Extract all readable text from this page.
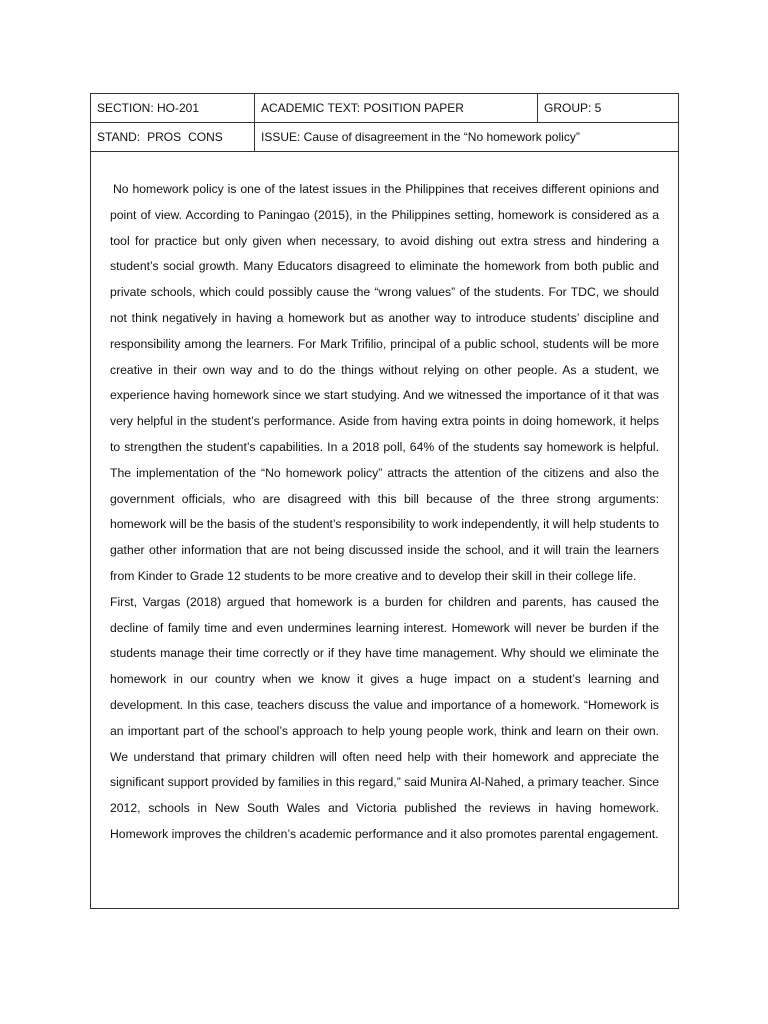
SECTION: HO-201	ACADEMIC TEXT: POSITION PAPER	GROUP: 5
STAND: PROS CONS	ISSUE: Cause of disagreement in the “No homework policy”

No homework policy is one of the latest issues in the Philippines that receives different opinions and point of view. According to Paningao (2015), in the Philippines setting, homework is considered as a tool for practice but only given when necessary, to avoid dishing out extra stress and hindering a student’s social growth. Many Educators disagreed to eliminate the homework from both public and private schools, which could possibly cause the “wrong values” of the students. For TDC, we should not think negatively in having a homework but as another way to introduce students’ discipline and responsibility among the learners. For Mark Trifilio, principal of a public school, students will be more creative in their own way and to do the things without relying on other people. As a student, we experience having homework since we start studying. And we witnessed the importance of it that was very helpful in the student’s performance. Aside from having extra points in doing homework, it helps to strengthen the student’s capabilities. In a 2018 poll, 64% of the students say homework is helpful. The implementation of the “No homework policy” attracts the attention of the citizens and also the government officials, who are disagreed with this bill because of the three strong arguments: homework will be the basis of the student’s responsibility to work independently, it will help students to gather other information that are not being discussed inside the school, and it will train the learners from Kinder to Grade 12 students to be more creative and to develop their skill in their college life.

First, Vargas (2018) argued that homework is a burden for children and parents, has caused the decline of family time and even undermines learning interest. Homework will never be burden if the students manage their time correctly or if they have time management. Why should we eliminate the homework in our country when we know it gives a huge impact on a student’s learning and development. In this case, teachers discuss the value and importance of a homework. “Homework is an important part of the school’s approach to help young people work, think and learn on their own. We understand that primary children will often need help with their homework and appreciate the significant support provided by families in this regard,” said Munira Al-Nahed, a primary teacher. Since 2012, schools in New South Wales and Victoria published the reviews in having homework. Homework improves the children’s academic performance and it also promotes parental engagement.
